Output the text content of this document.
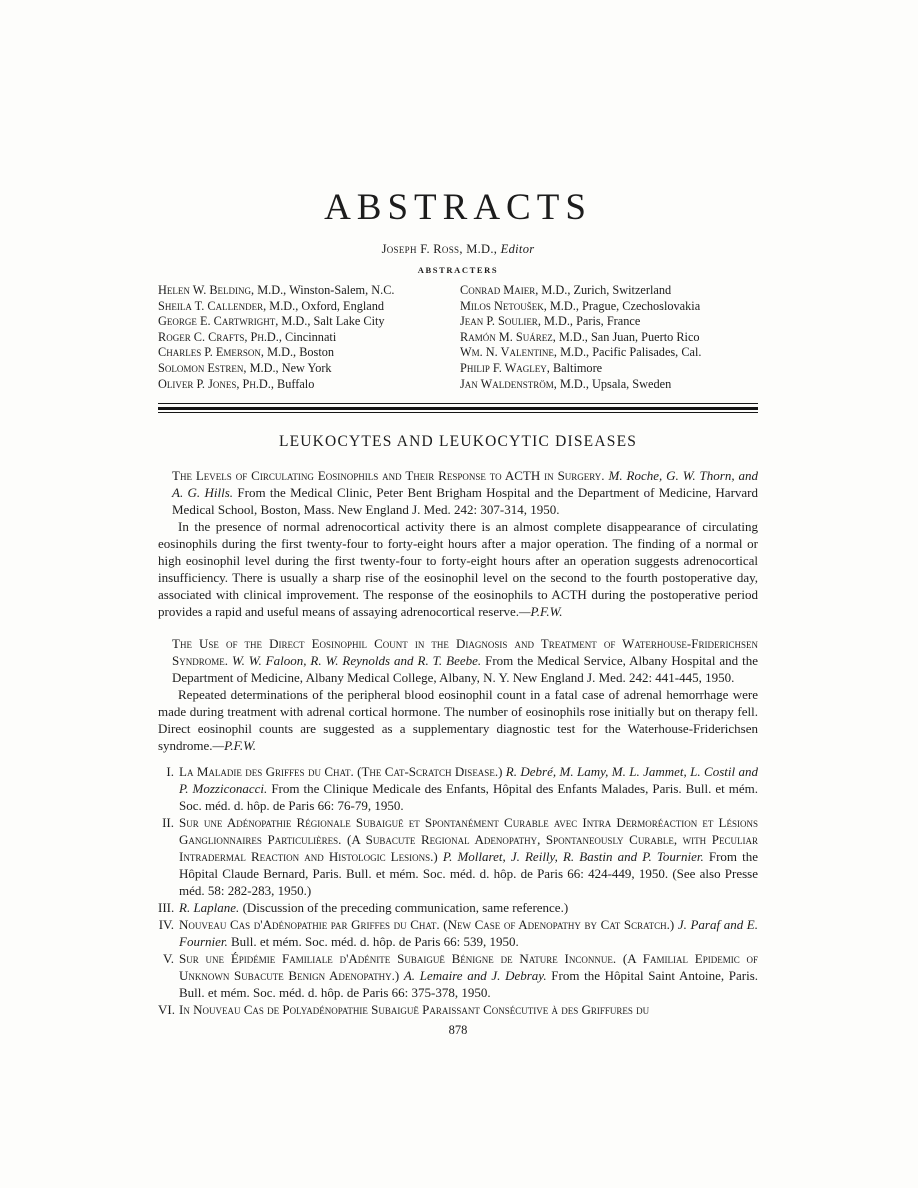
ABSTRACTS
Joseph F. Ross, M.D., Editor
ABSTRACTERS
Helen W. Belding, M.D., Winston-Salem, N.C.
Sheila T. Callender, M.D., Oxford, England
George E. Cartwright, M.D., Salt Lake City
Roger C. Crafts, Ph.D., Cincinnati
Charles P. Emerson, M.D., Boston
Solomon Estren, M.D., New York
Oliver P. Jones, Ph.D., Buffalo
Conrad Maier, M.D., Zurich, Switzerland
Milos Netoušek, M.D., Prague, Czechoslovakia
Jean P. Soulier, M.D., Paris, France
Ramón M. Suárez, M.D., San Juan, Puerto Rico
Wm. N. Valentine, M.D., Pacific Palisades, Cal.
Philip F. Wagley, Baltimore
Jan Waldenström, M.D., Upsala, Sweden
LEUKOCYTES AND LEUKOCYTIC DISEASES
The Levels of Circulating Eosinophils and Their Response to ACTH in Surgery. M. Roche, G. W. Thorn, and A. G. Hills. From the Medical Clinic, Peter Bent Brigham Hospital and the Department of Medicine, Harvard Medical School, Boston, Mass. New England J. Med. 242: 307-314, 1950.
In the presence of normal adrenocortical activity there is an almost complete disappearance of circulating eosinophils during the first twenty-four to forty-eight hours after a major operation. The finding of a normal or high eosinophil level during the first twenty-four to forty-eight hours after an operation suggests adrenocortical insufficiency. There is usually a sharp rise of the eosinophil level on the second to the fourth postoperative day, associated with clinical improvement. The response of the eosinophils to ACTH during the postoperative period provides a rapid and useful means of assaying adrenocortical reserve.—P.F.W.
The Use of the Direct Eosinophil Count in the Diagnosis and Treatment of Waterhouse-Friderichsen Syndrome. W. W. Faloon, R. W. Reynolds and R. T. Beebe. From the Medical Service, Albany Hospital and the Department of Medicine, Albany Medical College, Albany, N. Y. New England J. Med. 242: 441-445, 1950.
Repeated determinations of the peripheral blood eosinophil count in a fatal case of adrenal hemorrhage were made during treatment with adrenal cortical hormone. The number of eosinophils rose initially but on therapy fell. Direct eosinophil counts are suggested as a supplementary diagnostic test for the Waterhouse-Friderichsen syndrome.—P.F.W.
I. La Maladie des Griffes du Chat. (The Cat-Scratch Disease.) R. Debré, M. Lamy, M. L. Jammet, L. Costil and P. Mozziconacci. From the Clinique Medicale des Enfants, Hôpital des Enfants Malades, Paris. Bull. et mém. Soc. méd. d. hôp. de Paris 66: 76-79, 1950.
II. Sur une Adénopathie Régionale Subaiguë et Spontanément Curable avec Intra Dermoréaction et Lésions Ganglionnaires Particulières. (A Subacute Regional Adenopathy, Spontaneously Curable, with Peculiar Intradermal Reaction and Histologic Lesions.) P. Mollaret, J. Reilly, R. Bastin and P. Tournier. From the Hôpital Claude Bernard, Paris. Bull. et mém. Soc. méd. d. hôp. de Paris 66: 424-449, 1950. (See also Presse méd. 58: 282-283, 1950.)
III. R. Laplane. (Discussion of the preceding communication, same reference.)
IV. Nouveau Cas d'Adénopathie par Griffes du Chat. (New Case of Adenopathy by Cat Scratch.) J. Paraf and E. Fournier. Bull. et mém. Soc. méd. d. hôp. de Paris 66: 539, 1950.
V. Sur une Épidémie Familiale d'Adénite Subaiguë Bénigne de Nature Inconnue. (A Familial Epidemic of Unknown Subacute Benign Adenopathy.) A. Lemaire and J. Debray. From the Hôpital Saint Antoine, Paris. Bull. et mém. Soc. méd. d. hôp. de Paris 66: 375-378, 1950.
VI. In Nouveau Cas de Polyadénopathie Subaiguë Paraissant Consécutive à des Griffures du
878
